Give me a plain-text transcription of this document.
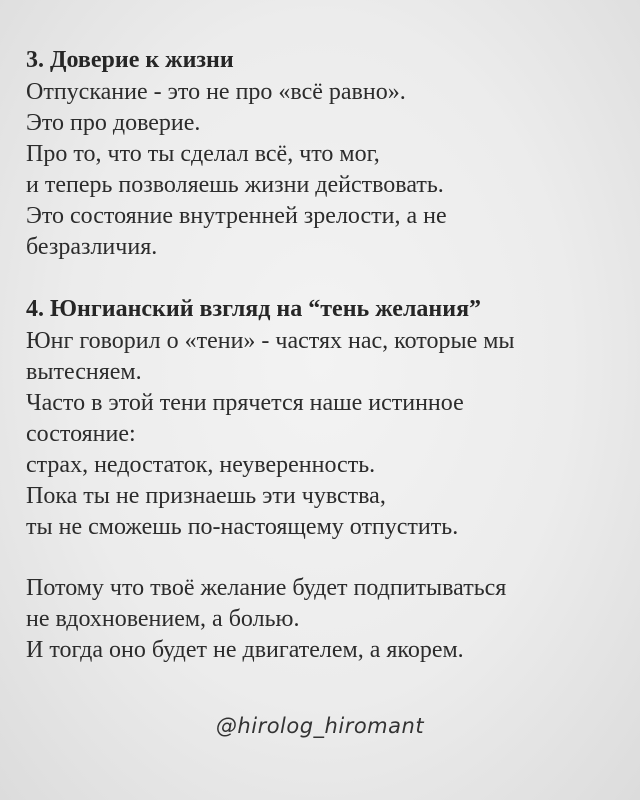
3. Доверие к жизни

Отпускание - это не про «всё равно».

Это про доверие.

Про то, что ты сделал всё, что мог,

и теперь позволяешь жизни действовать.

Это состояние внутренней зрелости, а не

безразличия.

4. Юнгианский взгляд на “тень желания”

Юнг говорил о «тени» - частях нас, которые мы

вытесняем.

Часто в этой тени прячется наше истинное

состояние:

страх, недостаток, неуверенность.

Пока ты не признаешь эти чувства,

ты не сможешь по-настоящему отпустить.

Потому что твоё желание будет подпитываться

не вдохновением, а болью.

И тогда оно будет не двигателем, а якорем.

@hirolog_hiromant
